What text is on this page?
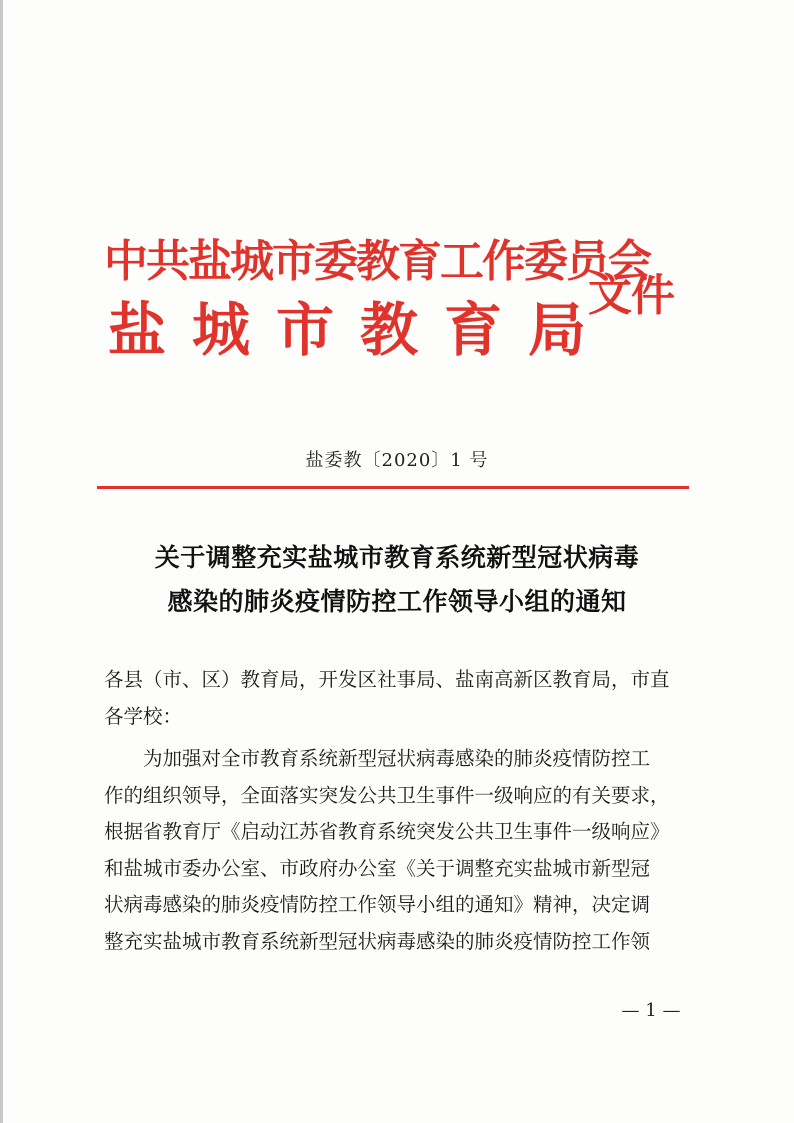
中共盐城市委教育工作委员会
盐城市教育局
文件
盐委教〔2020〕1 号
关于调整充实盐城市教育系统新型冠状病毒
感染的肺炎疫情防控工作领导小组的通知
各县（市、区）教育局，开发区社事局、盐南高新区教育局，市直
各学校：
　　为加强对全市教育系统新型冠状病毒感染的肺炎疫情防控工
作的组织领导，全面落实突发公共卫生事件一级响应的有关要求，
根据省教育厅《启动江苏省教育系统突发公共卫生事件一级响应》
和盐城市委办公室、市政府办公室《关于调整充实盐城市新型冠
状病毒感染的肺炎疫情防控工作领导小组的通知》精神，决定调
整充实盐城市教育系统新型冠状病毒感染的肺炎疫情防控工作领
— 1 —
